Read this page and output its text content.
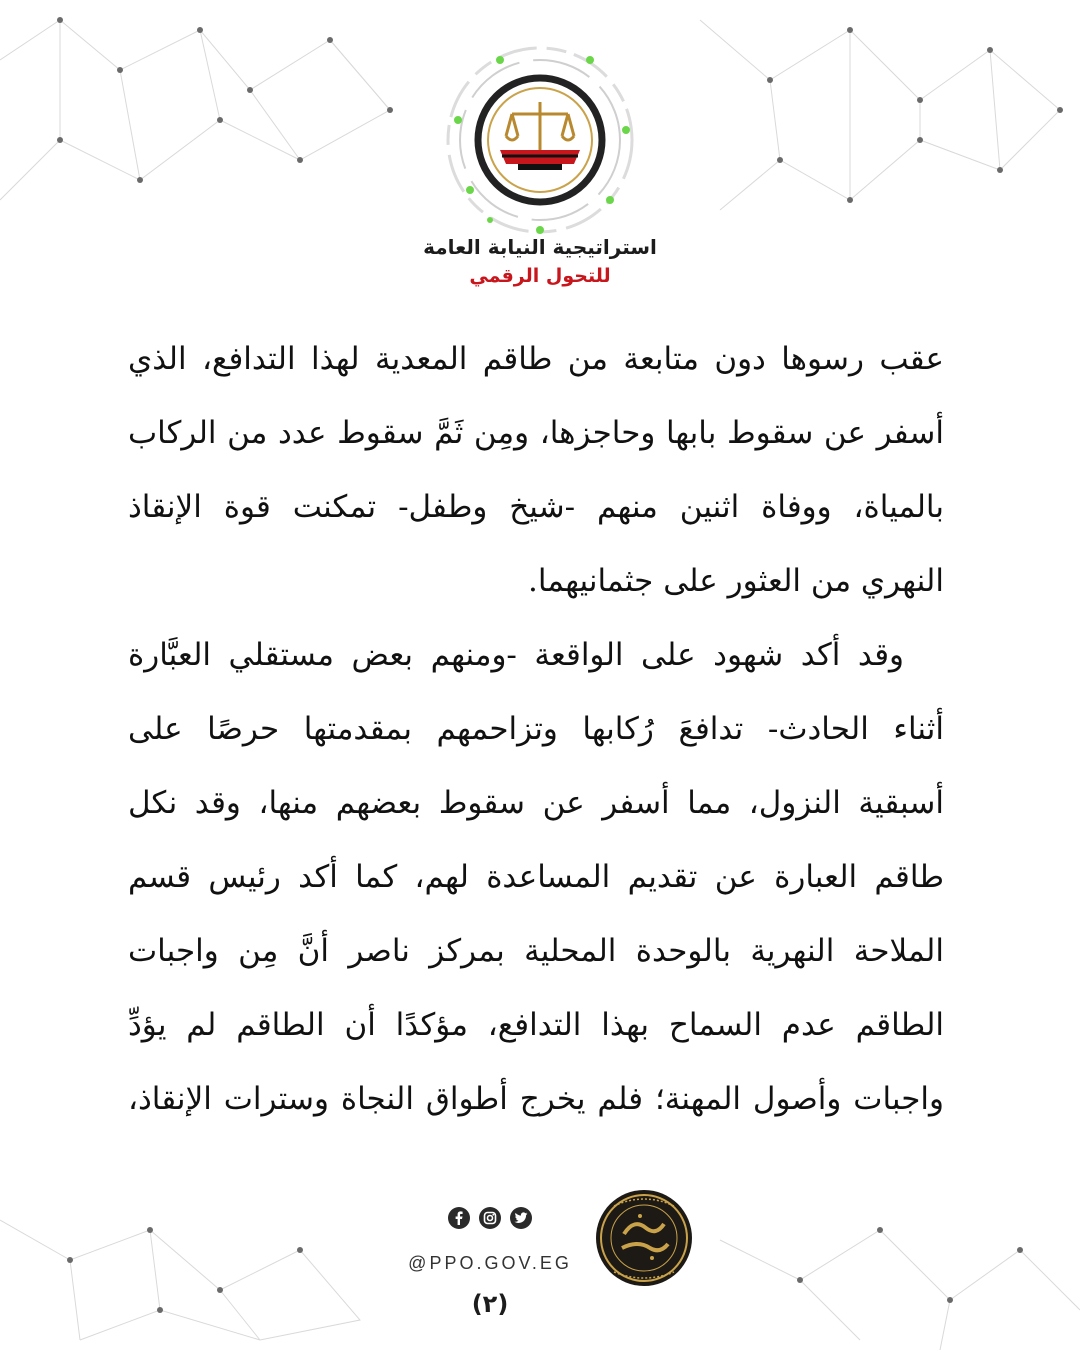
استراتيجية النيابة العامة
للتحول الرقمي

عقب رسوها دون متابعة من طاقم المعدية لهذا التدافع، الذي
أسفر عن سقوط بابها وحاجزها، ومِن ثَمَّ سقوط عدد من الركاب
بالمياة، ووفاة اثنين منهم -شيخ وطفل- تمكنت قوة الإنقاذ
النهري من العثور على جثمانيهما.

وقد أكد شهود على الواقعة -ومنهم بعض مستقلي العبَّارة
أثناء الحادث- تدافعَ رُكابها وتزاحمهم بمقدمتها حرصًا على
أسبقية النزول، مما أسفر عن سقوط بعضهم منها، وقد نكل
طاقم العبارة عن تقديم المساعدة لهم، كما أكد رئيس قسم
الملاحة النهرية بالوحدة المحلية بمركز ناصر أنَّ مِن واجبات
الطاقم عدم السماح بهذا التدافع، مؤكدًا أن الطاقم لم يؤدِّ
واجبات وأصول المهنة؛ فلم يخرج أطواق النجاة وسترات الإنقاذ،

@PPO.GOV.EG
(٢)
